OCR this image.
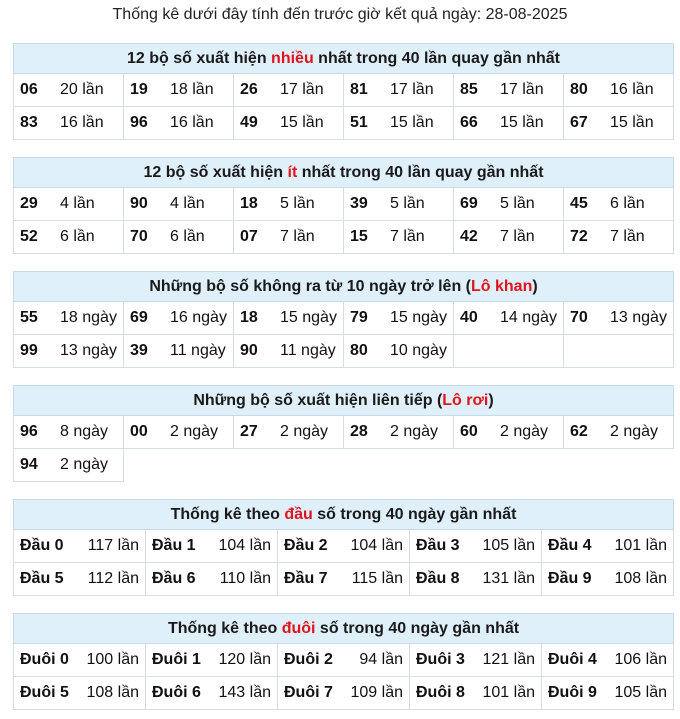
Thống kê dưới đây tính đến trước giờ kết quả ngày: 28-08-2025
12 bộ số xuất hiện nhiều nhất trong 40 lần quay gần nhất					
06 20 lần	19 18 lần	26 17 lần	81 17 lần	85 17 lần	80 16 lần
83 16 lần	96 16 lần	49 15 lần	51 15 lần	66 15 lần	67 15 lần
12 bộ số xuất hiện ít nhất trong 40 lần quay gần nhất					
29 4 lần	90 4 lần	18 5 lần	39 5 lần	69 5 lần	45 6 lần
52 6 lần	70 6 lần	07 7 lần	15 7 lần	42 7 lần	72 7 lần
Những bộ số không ra từ 10 ngày trở lên (Lô khan)					
55 18 ngày	69 16 ngày	18 15 ngày	79 15 ngày	40 14 ngày	70 13 ngày
99 13 ngày	39 11 ngày	90 11 ngày	80 10 ngày		
Những bộ số xuất hiện liên tiếp (Lô rơi)					
96 8 ngày	00 2 ngày	27 2 ngày	28 2 ngày	60 2 ngày	62 2 ngày
94 2 ngày					
Thống kê theo đầu số trong 40 ngày gần nhất				
Đầu 0 117 lần	Đầu 1 104 lần	Đầu 2 104 lần	Đầu 3 105 lần	Đầu 4 101 lần

Đầu 5 112 lần	Đầu 6 110 lần	Đầu 7 115 lần	Đầu 8 131 lần	Đầu 9 108 lần
Thống kê theo đuôi số trong 40 ngày gần nhất				
Đuôi 0 100 lần	Đuôi 1 120 lần	Đuôi 2 94 lần	Đuôi 3 121 lần	Đuôi 4 106 lần

Đuôi 5 108 lần	Đuôi 6 143 lần	Đuôi 7 109 lần	Đuôi 8 101 lần	Đuôi 9 105 lần
